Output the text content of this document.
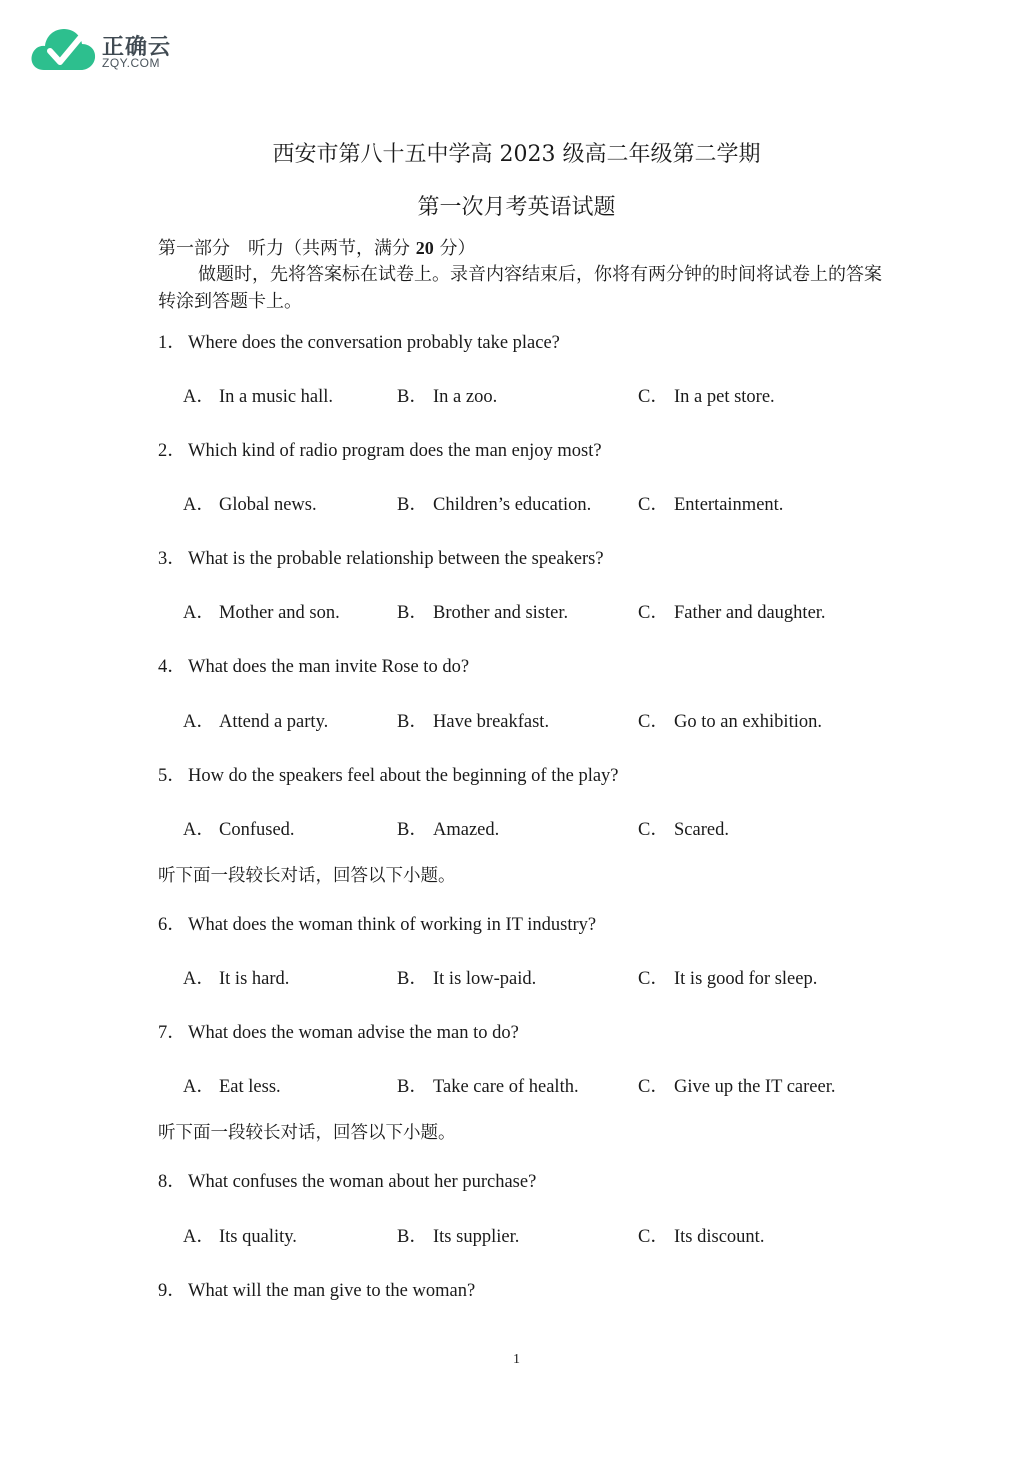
正确云
ZQY.COM
西安市第八十五中学高 2023 级高二年级第二学期
第一次月考英语试题
第一部分　听力（共两节，满分 20 分）
做题时，先将答案标在试卷上。录音内容结束后，你将有两分钟的时间将试卷上的答案转涂到答题卡上。
1． Where does the conversation probably take place?
A． In a music hall.	B． In a zoo.	C． In a pet store.
2． Which kind of radio program does the man enjoy most?
A． Global news.	B． Children’s education.	C． Entertainment.
3． What is the probable relationship between the speakers?
A． Mother and son.	B． Brother and sister.	C． Father and daughter.
4． What does the man invite Rose to do?
A． Attend a party.	B． Have breakfast.	C． Go to an exhibition.
5． How do the speakers feel about the beginning of the play?
A． Confused.	B． Amazed.	C． Scared.
听下面一段较长对话，回答以下小题。
6． What does the woman think of working in IT industry?
A． It is hard.	B． It is low-paid.	C． It is good for sleep.
7． What does the woman advise the man to do?
A． Eat less.	B． Take care of health.	C． Give up the IT career.
听下面一段较长对话，回答以下小题。
8． What confuses the woman about her purchase?
A． Its quality.	B． Its supplier.	C． Its discount.
9． What will the man give to the woman?
1
